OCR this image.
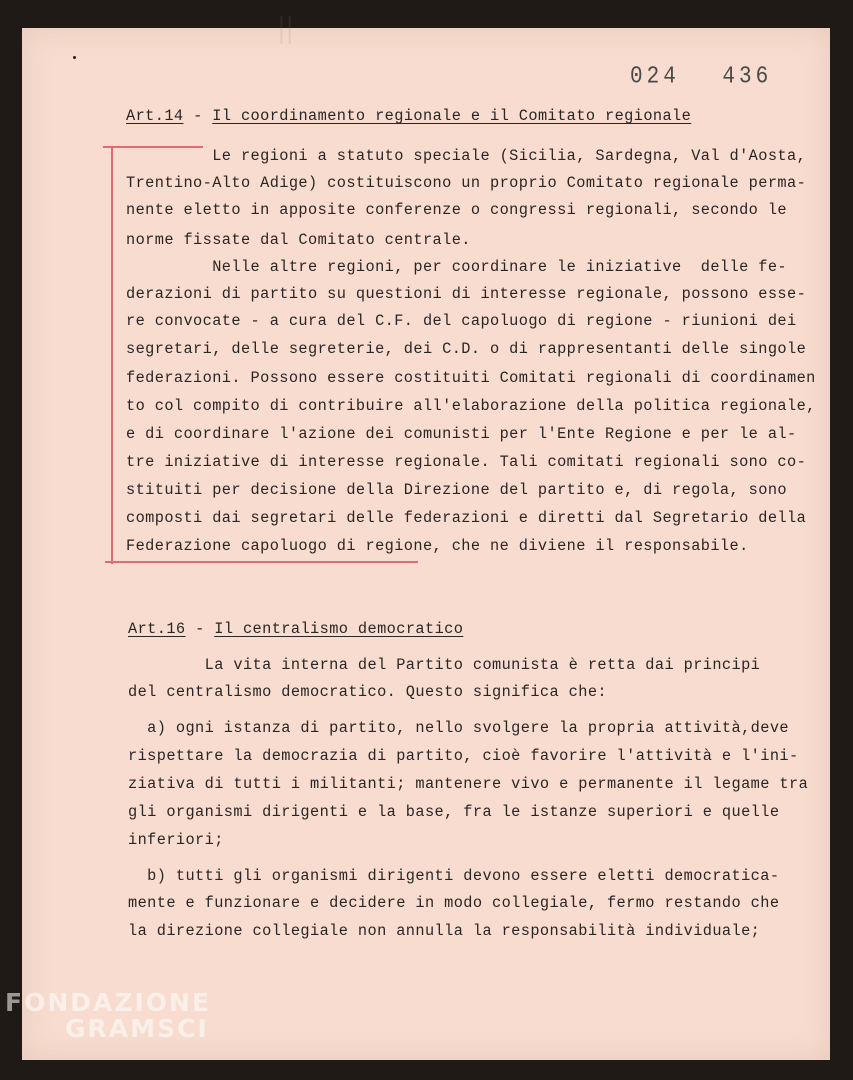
＝　	024 436
Art.14 - Il coordinamento regionale e il Comitato regionale
Le regioni a statuto speciale (Sicilia, Sardegna, Val d'Aosta,
Trentino-Alto Adige) costituiscono un proprio Comitato regionale perma-
nente eletto in apposite conferenze o congressi regionali, secondo le
norme fissate dal Comitato centrale.
Nelle altre regioni, per coordinare le iniziative  delle fe-
derazioni di partito su questioni di interesse regionale, possono esse-
re convocate - a cura del C.F. del capoluogo di regione - riunioni dei
segretari, delle segreterie, dei C.D. o di rappresentanti delle singole
federazioni. Possono essere costituiti Comitati regionali di coordinamen
to col compito di contribuire all'elaborazione della politica regionale,
e di coordinare l'azione dei comunisti per l'Ente Regione e per le al-
tre iniziative di interesse regionale. Tali comitati regionali sono co-
stituiti per decisione della Direzione del partito e, di regola, sono
composti dai segretari delle federazioni e diretti dal Segretario della
Federazione capoluogo di regione, che ne diviene il responsabile.
Art.16 - Il centralismo democratico
La vita interna del Partito comunista è retta dai principi
del centralismo democratico. Questo significa che:
a) ogni istanza di partito, nello svolgere la propria attività,deve
rispettare la democrazia di partito, cioè favorire l'attività e l'ini-
ziativa di tutti i militanti; mantenere vivo e permanente il legame tra
gli organismi dirigenti e la base, fra le istanze superiori e quelle
inferiori;
b) tutti gli organismi dirigenti devono essere eletti democratica-
mente e funzionare e decidere in modo collegiale, fermo restando che
la direzione collegiale non annulla la responsabilità individuale;
FONDAZIONE
GRAMSCI
